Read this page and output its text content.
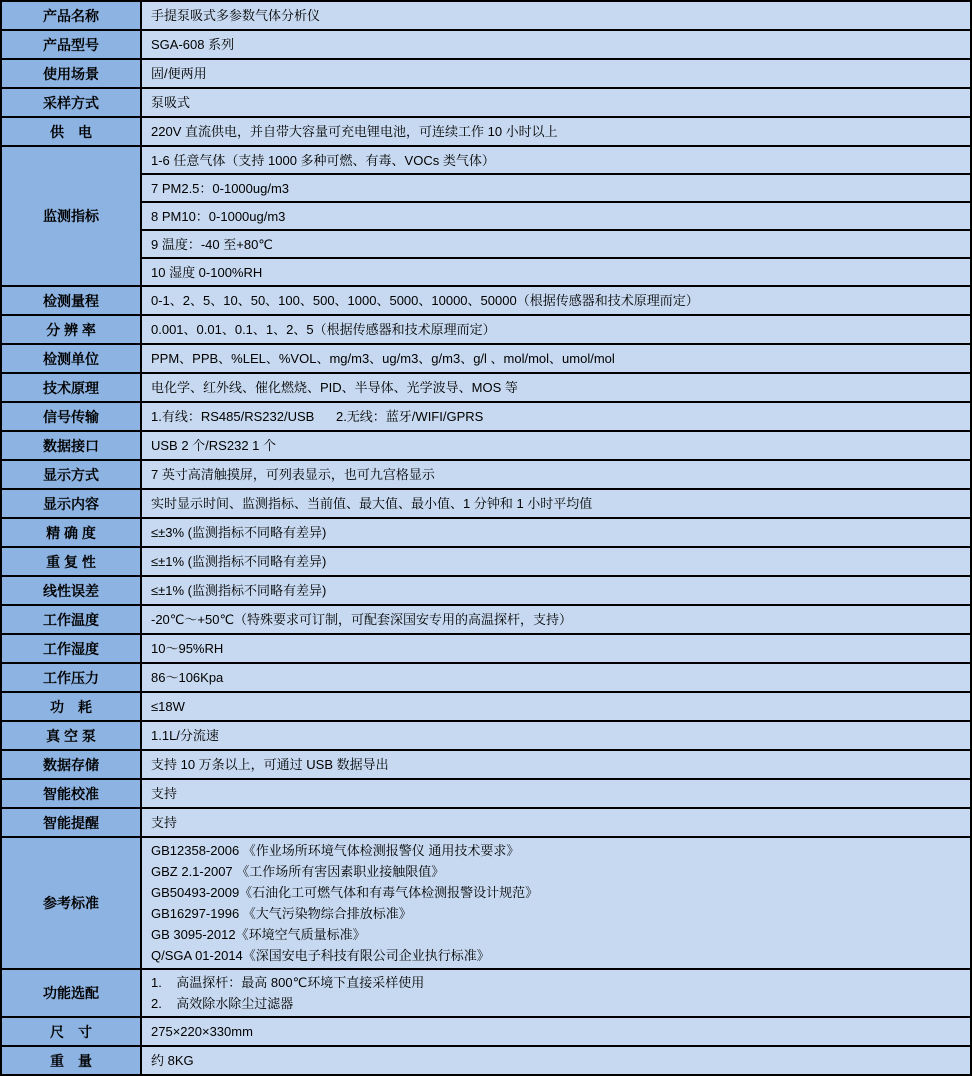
产品名称	手提泵吸式多参数气体分析仪
产品型号	SGA-608 系列
使用场景	固/便两用
采样方式	泵吸式
供　电	220V 直流供电，并自带大容量可充电锂电池，可连续工作 10 小时以上
监测指标	1-6 任意气体（支持 1000 多种可燃、有毒、VOCs 类气体）
	7 PM2.5：0-1000ug/m3
	8 PM10：0-1000ug/m3
	9 温度：-40 至+80℃
	10 湿度 0-100%RH
检测量程	0-1、2、5、10、50、100、500、1000、5000、10000、50000（根据传感器和技术原理而定）
分 辨 率	0.001、0.01、0.1、1、2、5（根据传感器和技术原理而定）
检测单位	PPM、PPB、%LEL、%VOL、mg/m3、ug/m3、g/m3、g/l 、mol/mol、umol/mol
技术原理	电化学、红外线、催化燃烧、PID、半导体、光学波导、MOS 等
信号传输	1.有线：RS485/RS232/USB      2.无线：蓝牙/WIFI/GPRS
数据接口	USB 2 个/RS232 1 个
显示方式	7 英寸高清触摸屏，可列表显示，也可九宫格显示
显示内容	实时显示时间、监测指标、当前值、最大值、最小值、1 分钟和 1 小时平均值
精 确 度	≤±3% (监测指标不同略有差异)
重 复 性	≤±1% (监测指标不同略有差异)
线性误差	≤±1% (监测指标不同略有差异)
工作温度	-20℃～+50℃（特殊要求可订制，可配套深国安专用的高温探杆，支持）
工作湿度	10～95%RH
工作压力	86～106Kpa
功　耗	≤18W
真 空 泵	1.1L/分流速
数据存储	支持 10 万条以上，可通过 USB 数据导出
智能校准	支持
智能提醒	支持
参考标准	
GB12358-2006 《作业场所环境气体检测报警仪 通用技术要求》
GBZ 2.1-2007 《工作场所有害因素职业接触限值》
GB50493-2009《石油化工可燃气体和有毒气体检测报警设计规范》
GB16297-1996 《大气污染物综合排放标准》
GB 3095-2012《环境空气质量标准》
Q/SGA 01-2014《深国安电子科技有限公司企业执行标准》

功能选配	1.    高温探杆：最高 800℃环境下直接采样使用
2.    高效除水除尘过滤器

尺　寸	275×220×330mm
重　量	约 8KG
